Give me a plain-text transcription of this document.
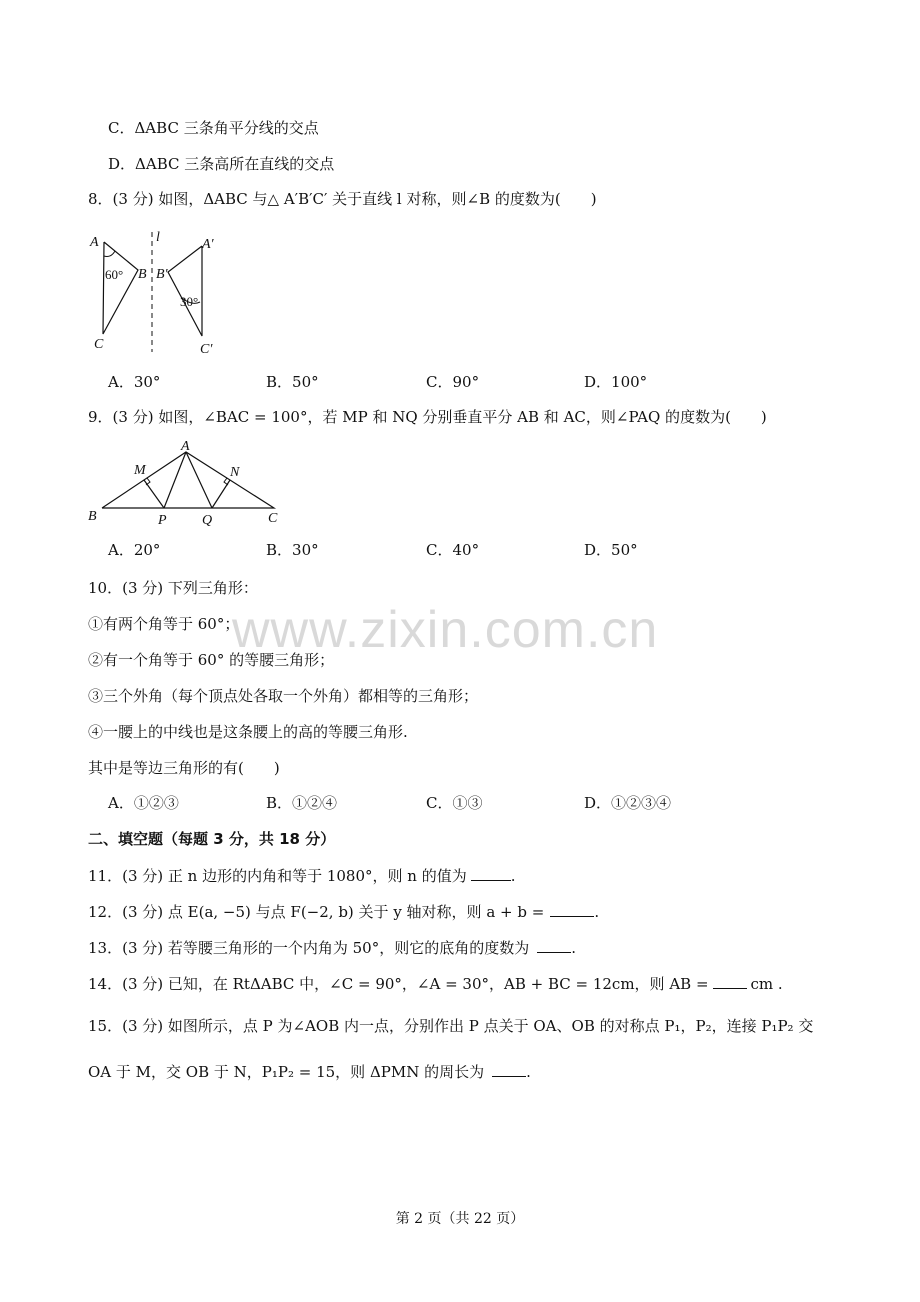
C．ΔABC 三条角平分线的交点
D．ΔABC 三条高所在直线的交点
8．(3 分) 如图，ΔABC 与△ A′B′C′ 关于直线 l 对称，则∠B 的度数为(　　)
A
B
C
l	A′
B′
C′
60°
30°
A．30°	B．50°	C．90°	D．100°
9．(3 分) 如图，∠BAC = 100°，若 MP 和 NQ 分别垂直平分 AB 和 AC，则∠PAQ 的度数为(　　)
A
B	C
M	N
P	Q
A．20°	B．30°	C．40°	D．50°
www.zixin.com.cn
10．(3 分) 下列三角形：
①有两个角等于 60°；
②有一个角等于 60° 的等腰三角形；
③三个外角（每个顶点处各取一个外角）都相等的三角形；
④一腰上的中线也是这条腰上的高的等腰三角形.
其中是等边三角形的有(　　)
A．①②③	B．①②④	C．①③	D．①②③④
二、填空题（每题 3 分，共 18 分）
11．(3 分) 正 n 边形的内角和等于 1080°，则 n 的值为	.
12．(3 分) 点 E(a, −5) 与点 F(−2, b) 关于 y 轴对称，则 a + b =	.
13．(3 分) 若等腰三角形的一个内角为 50°，则它的底角的度数为	.
14．(3 分) 已知，在 RtΔABC 中，∠C = 90°，∠A = 30°，AB + BC = 12cm，则 AB =	cm .
15．(3 分) 如图所示，点 P 为∠AOB 内一点，分别作出 P 点关于 OA、OB 的对称点 P₁，P₂，连接 P₁P₂ 交
OA 于 M，交 OB 于 N，P₁P₂ = 15，则 ΔPMN 的周长为	.
第 2 页（共 22 页）
